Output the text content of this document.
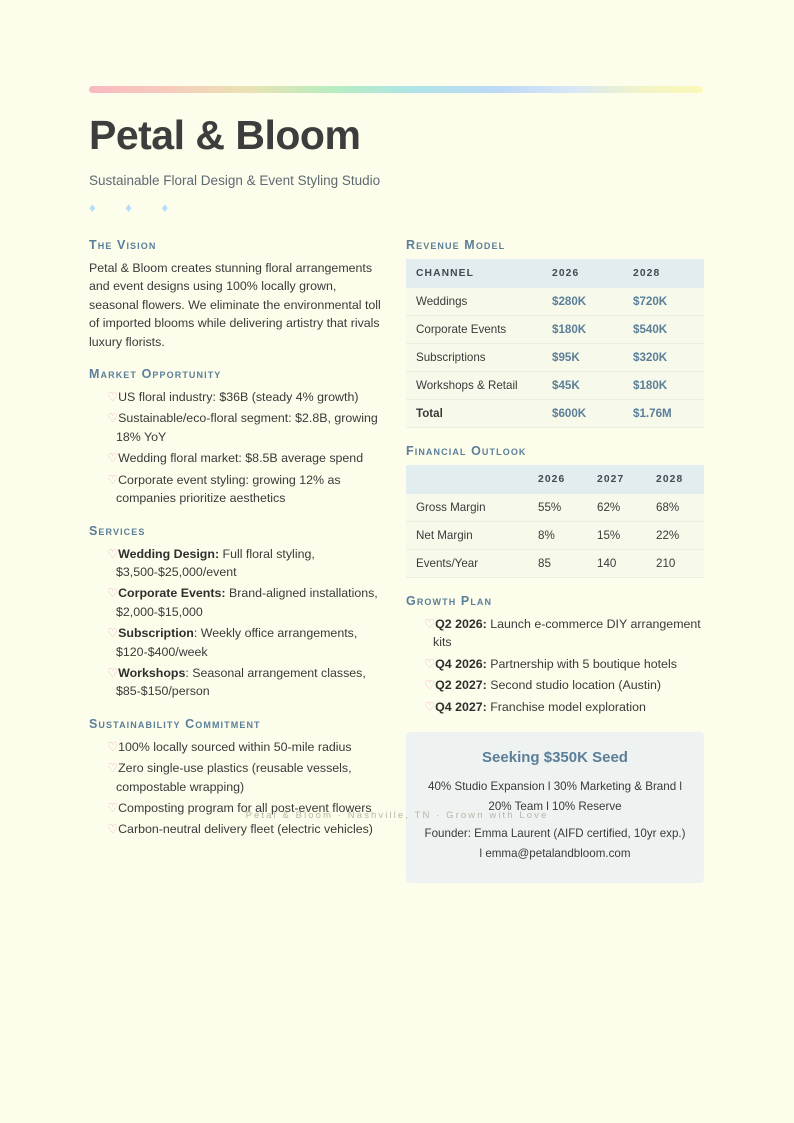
Petal & Bloom

Sustainable Floral Design & Event Styling Studio

♦ ♦ ♦
The Vision

Petal & Bloom creates stunning floral arrangements and event designs using 100% locally grown, seasonal flowers. We eliminate the environmental toll of imported blooms while delivering artistry that rivals luxury florists.

Market Opportunity
♡US floral industry: $36B (steady 4% growth)
♡Sustainable/eco-floral segment: $2.8B, growing 18% YoY
♡Wedding floral market: $8.5B average spend
♡Corporate event styling: growing 12% as companies prioritize aesthetics
Services
♡Wedding Design: Full floral styling, $3,500-$25,000/event
♡Corporate Events: Brand-aligned installations, $2,000-$15,000
♡Subscription: Weekly office arrangements, $120-$400/week
♡Workshops: Seasonal arrangement classes, $85-$150/person
Sustainability Commitment
♡100% locally sourced within 50-mile radius
♡Zero single-use plastics (reusable vessels, compostable wrapping)
♡Composting program for all post-event flowers
♡Carbon-neutral delivery fleet (electric vehicles)
Revenue Model
CHANNEL	2026	2028
Weddings	$280K	$720K
Corporate Events	$180K	$540K
Subscriptions	$95K	$320K
Workshops & Retail	$45K	$180K
Total	$600K	$1.76M
Financial Outlook
	2026	2027	2028
Gross Margin	55%	62%	68%
Net Margin	8%	15%	22%
Events/Year	85	140	210
Growth Plan
♡Q2 2026: Launch e-commerce DIY arrangement kits
♡Q4 2026: Partnership with 5 boutique hotels
♡Q2 2027: Second studio location (Austin)
♡Q4 2027: Franchise model exploration
Seeking $350K Seed

40% Studio Expansion l 30% Marketing & Brand l 20% Team l 10% Reserve

Founder: Emma Laurent (AIFD certified, 10yr exp.) l emma@petalandbloom.com

Petal & Bloom · Nashville, TN · Grown with Love
